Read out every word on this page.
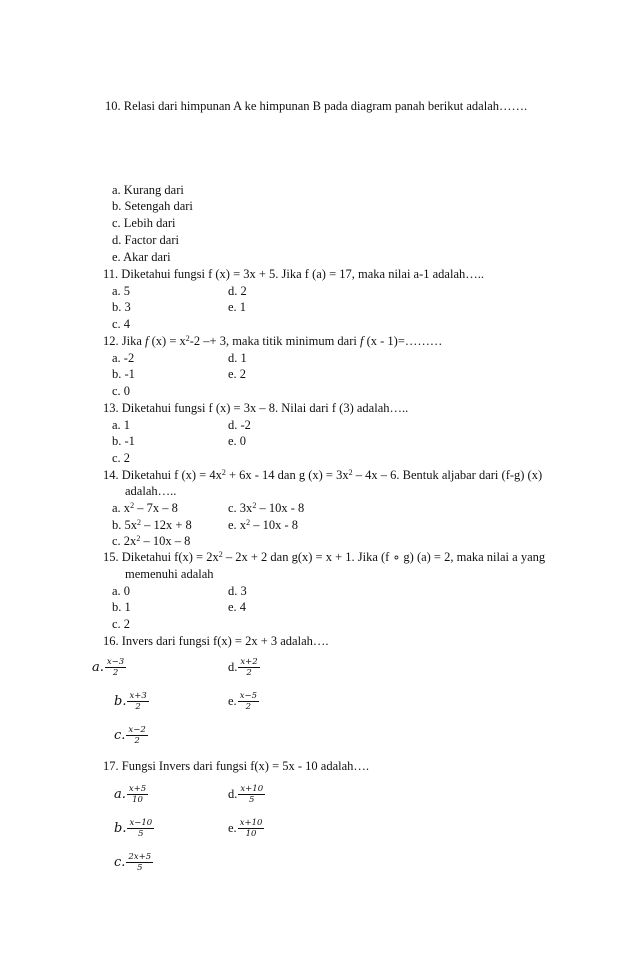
10. Relasi dari himpunan A ke himpunan B pada diagram panah berikut adalah…….
a. Kurang dari
b. Setengah dari
c. Lebih dari
d. Factor dari
e. Akar dari
11. Diketahui fungsi f (x) = 3x + 5. Jika f (a) = 17, maka nilai a-1 adalah…..
a. 5	d. 2
b. 3	e. 1
c. 4
12. Jika f $(x) = x^2-2 -+ 3$, maka titik minimum dari f (x - 1)=………
a. -2	d. 1
b. -1	e. 2
c. 0
13. Diketahui fungsi f (x) = 3x – 8. Nilai dari f (3) adalah…..
a. 1	d. -2
b. -1	e. 0
c. 2
14. Diketahui f $(x) = 4x^2 + 6x - 14$ dan g $(x) = 3x^2 - 4x - 6$. Bentuk aljabar dari (f-g) (x)
adalah…..
a. $x^2 - 7x - 8$	c. $3x^2 - 10x - 8$
b. $5x^2 - 12x + 8$	e. $x^2 - 10x - 8$
c. $2x^2 - 10x - 8$
15. Diketahui $f(x) = 2x^2 - 2x + 2$ dan g(x) = x + 1. Jika (f ∘ g) (a) = 2, maka nilai a yang
memenuhi adalah
a. 0	d. 3
b. 1	e. 4
c. 2
16. Invers dari fungsi f(x) = 2x + 3 adalah….
a. $\frac{x-3}{2}$	d. $\frac{x+2}{2}$
b. $\frac{x+3}{2}$	e. $\frac{x-5}{2}$
c. $\frac{x-2}{2}$
17. Fungsi Invers dari fungsi f(x) = 5x - 10 adalah….
a. $\frac{x+5}{10}$	d. $\frac{x+10}{5}$
b. $\frac{x-10}{5}$	e. $\frac{x+10}{10}$
c. $\frac{2x+5}{5}$
